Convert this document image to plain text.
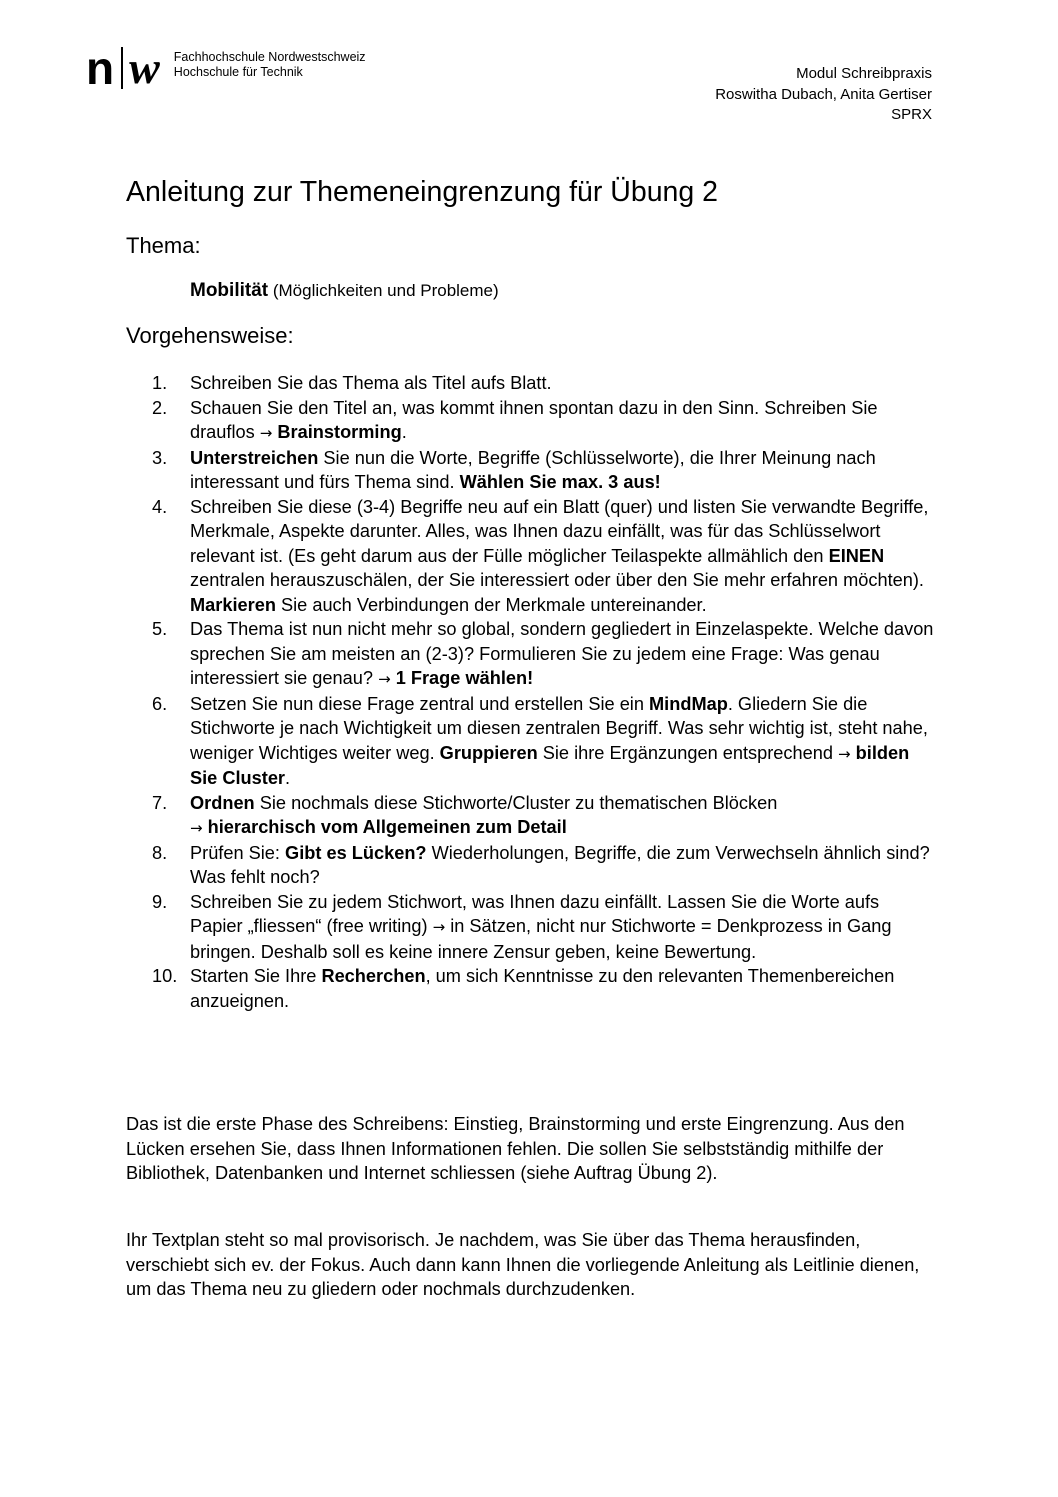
n w Fachhochschule Nordwestschweiz
Hochschule für Technik	Modul Schreibpraxis
Roswitha Dubach, Anita Gertiser
SPRX
Anleitung zur Themeneingrenzung für Übung 2
Thema:
Mobilität (Möglichkeiten und Probleme)
Vorgehensweise:
1.	Schreiben Sie das Thema als Titel aufs Blatt.
2.	Schauen Sie den Titel an, was kommt ihnen spontan dazu in den Sinn. Schreiben Sie drauflos → Brainstorming.
3.	Unterstreichen Sie nun die Worte, Begriffe (Schlüsselworte), die Ihrer Meinung nach interessant und fürs Thema sind. Wählen Sie max. 3 aus!
4.	Schreiben Sie diese (3-4) Begriffe neu auf ein Blatt (quer) und listen Sie verwandte Begriffe, Merkmale, Aspekte darunter. Alles, was Ihnen dazu einfällt, was für das Schlüsselwort relevant ist. (Es geht darum aus der Fülle möglicher Teilaspekte allmählich den EINEN zentralen herauszuschälen, der Sie interessiert oder über den Sie mehr erfahren möchten). Markieren Sie auch Verbindungen der Merkmale untereinander.
5.	Das Thema ist nun nicht mehr so global, sondern gegliedert in Einzelaspekte. Welche davon sprechen Sie am meisten an (2-3)? Formulieren Sie zu jedem eine Frage: Was genau interessiert sie genau? → 1 Frage wählen!
6.	Setzen Sie nun diese Frage zentral und erstellen Sie ein MindMap. Gliedern Sie die Stichworte je nach Wichtigkeit um diesen zentralen Begriff. Was sehr wichtig ist, steht nahe, weniger Wichtiges weiter weg. Gruppieren Sie ihre Ergänzungen entsprechend → bilden Sie Cluster.
7.	Ordnen Sie nochmals diese Stichworte/Cluster zu thematischen Blöcken
→ hierarchisch vom Allgemeinen zum Detail
8.	Prüfen Sie: Gibt es Lücken? Wiederholungen, Begriffe, die zum Verwechseln ähnlich sind? Was fehlt noch?
9.	Schreiben Sie zu jedem Stichwort, was Ihnen dazu einfällt. Lassen Sie die Worte aufs Papier „fliessen“ (free writing) → in Sätzen, nicht nur Stichworte = Denkprozess in Gang bringen. Deshalb soll es keine innere Zensur geben, keine Bewertung.
10. Starten Sie Ihre Recherchen, um sich Kenntnisse zu den relevanten Themenbereichen anzueignen.

Das ist die erste Phase des Schreibens: Einstieg, Brainstorming und erste Eingrenzung. Aus den Lücken ersehen Sie, dass Ihnen Informationen fehlen. Die sollen Sie selbstständig mithilfe der Bibliothek, Datenbanken und Internet schliessen (siehe Auftrag Übung 2).

Ihr Textplan steht so mal provisorisch. Je nachdem, was Sie über das Thema herausfinden, verschiebt sich ev. der Fokus. Auch dann kann Ihnen die vorliegende Anleitung als Leitlinie dienen, um das Thema neu zu gliedern oder nochmals durchzudenken.
